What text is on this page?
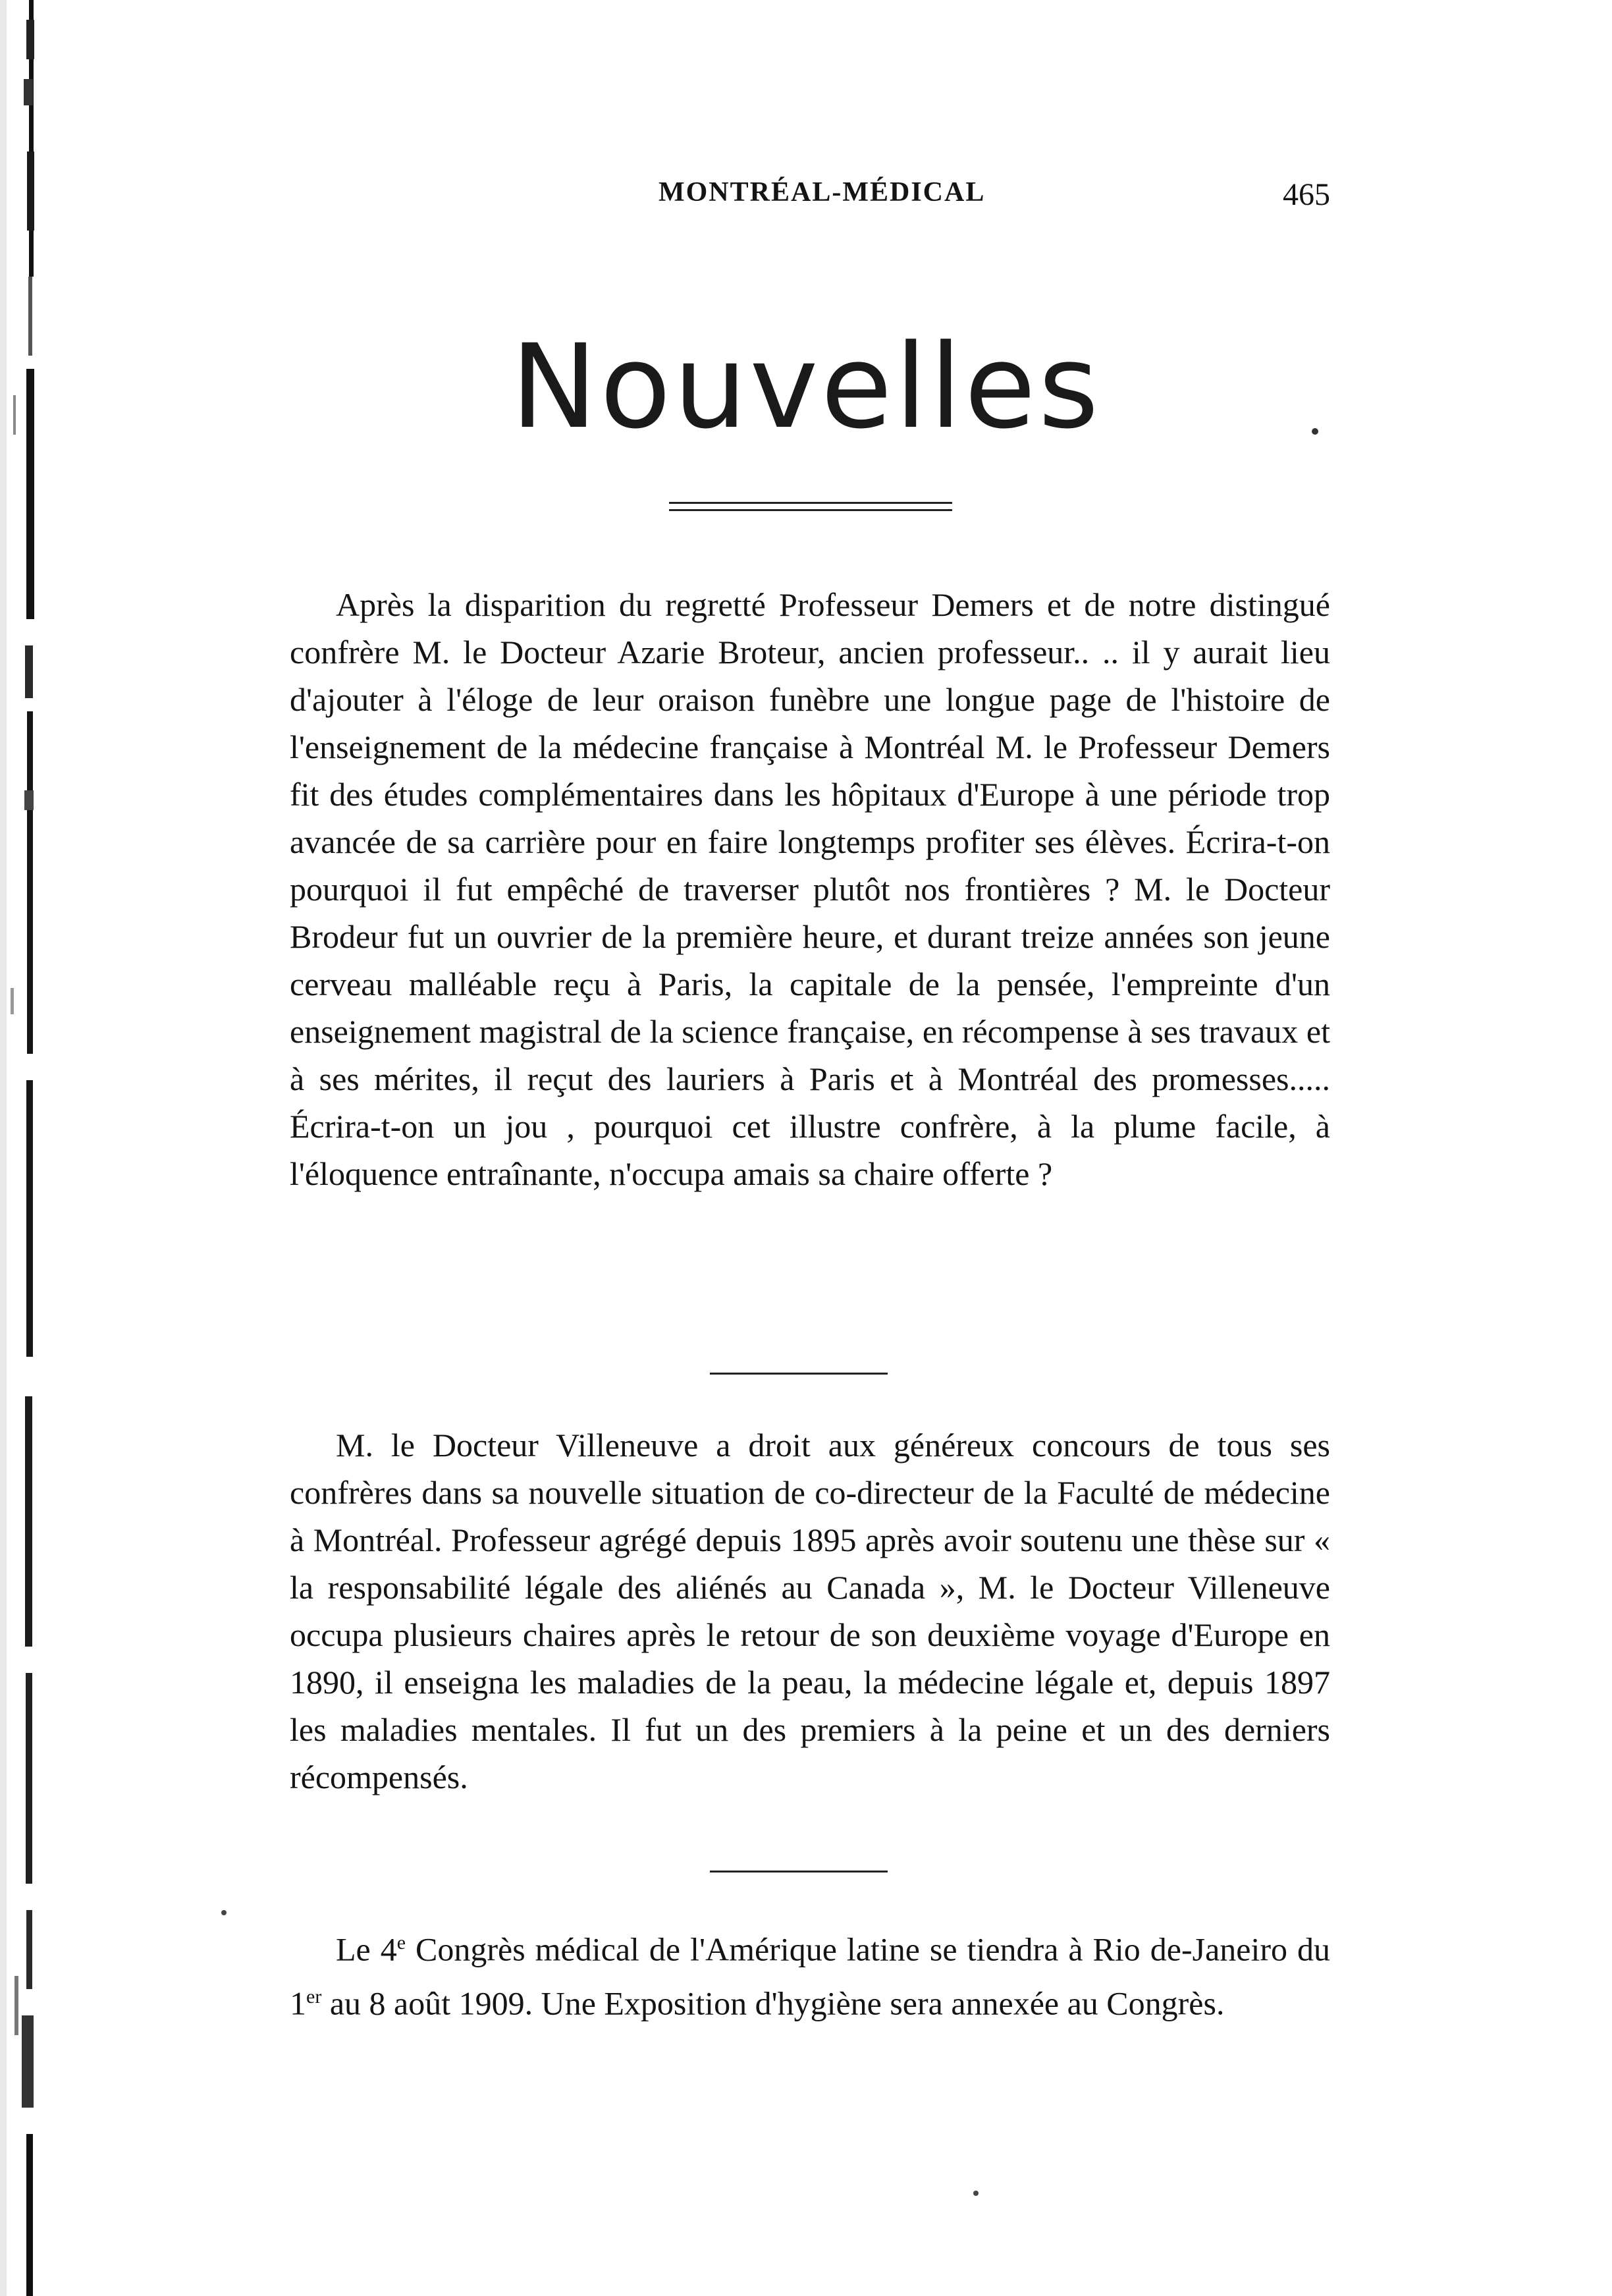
MONTRÉAL-MÉDICAL	465
Nouvelles

Après la disparition du regretté Professeur Demers et de notre distingué confrère M. le Docteur Azarie Broteur, ancien professeur.. .. il y aurait lieu d'ajouter à l'éloge de leur oraison funèbre une longue page de l'histoire de l'enseignement de la médecine française à Montréal M. le Professeur Demers fit des études complémentaires dans les hôpitaux d'Europe à une période trop avancée de sa carrière pour en faire longtemps profiter ses élèves. Écrira-t-on pourquoi il fut empêché de traverser plutôt nos frontières ? M. le Docteur Brodeur fut un ouvrier de la première heure, et durant treize années son jeune cerveau malléable reçu à Paris, la capitale de la pensée, l'empreinte d'un enseignement magistral de la science française, en récompense à ses travaux et à ses mérites, il reçut des lauriers à Paris et à Montréal des promesses..... Écrira-t-on un jou , pourquoi cet illustre confrère, à la plume facile, à l'éloquence entraînante, n'occupa amais sa chaire offerte ?

M. le Docteur Villeneuve a droit aux généreux concours de tous ses confrères dans sa nouvelle situation de co-directeur de la Faculté de médecine à Montréal. Professeur agrégé depuis 1895 après avoir soutenu une thèse sur « la responsabilité légale des aliénés au Canada », M. le Docteur Villeneuve occupa plusieurs chaires après le retour de son deuxième voyage d'Europe en 1890, il enseigna les maladies de la peau, la médecine légale et, depuis 1897 les maladies mentales. Il fut un des premiers à la peine et un des derniers récompensés.

Le 4e Congrès médical de l'Amérique latine se tiendra à Rio de-Janeiro du 1er au 8 août 1909. Une Exposition d'hygiène sera annexée au Congrès.
